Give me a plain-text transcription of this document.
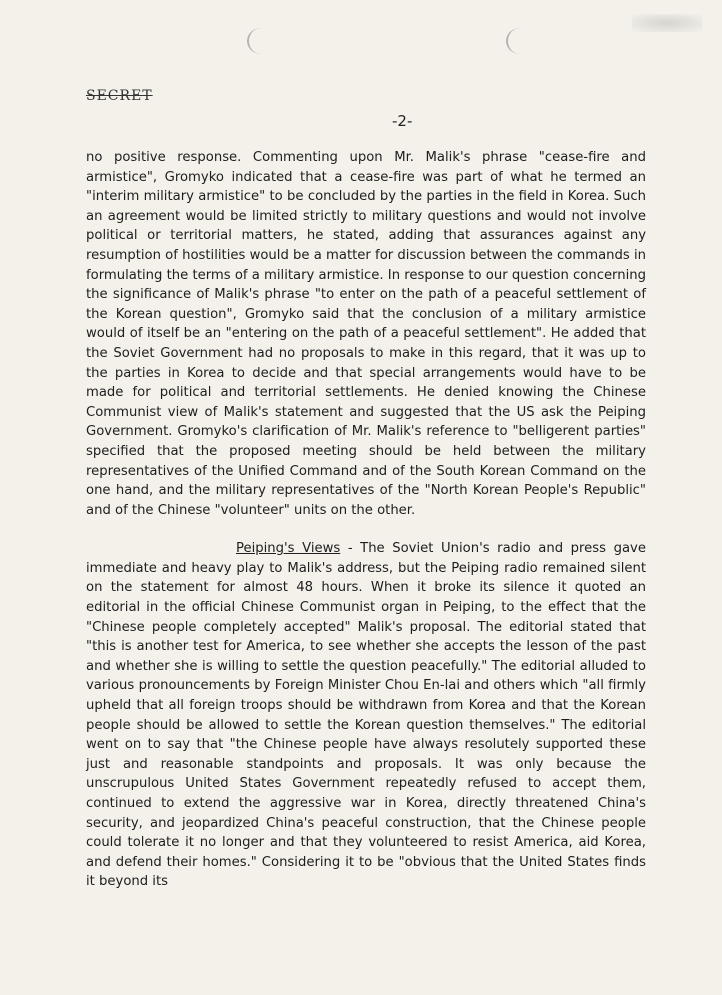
SECRET
-2-

no positive response. Commenting upon Mr. Malik's phrase "cease-fire and armistice", Gromyko indicated that a cease-fire was part of what he termed an "interim military armistice" to be concluded by the parties in the field in Korea. Such an agreement would be limited strictly to military questions and would not involve political or territorial matters, he stated, adding that assurances against any resumption of hostilities would be a matter for discussion between the commands in formulating the terms of a military armistice. In response to our question concerning the significance of Malik's phrase "to enter on the path of a peaceful settlement of the Korean question", Gromyko said that the conclusion of a military armistice would of itself be an "entering on the path of a peaceful settlement". He added that the Soviet Government had no proposals to make in this regard, that it was up to the parties in Korea to decide and that special arrangements would have to be made for political and territorial settlements. He denied knowing the Chinese Communist view of Malik's statement and suggested that the US ask the Peiping Government. Gromyko's clarification of Mr. Malik's reference to "belligerent parties" specified that the proposed meeting should be held between the military representatives of the Unified Command and of the South Korean Command on the one hand, and the military representatives of the "North Korean People's Republic" and of the Chinese "volunteer" units on the other.

Peiping's Views - The Soviet Union's radio and press gave immediate and heavy play to Malik's address, but the Peiping radio remained silent on the statement for almost 48 hours. When it broke its silence it quoted an editorial in the official Chinese Communist organ in Peiping, to the effect that the "Chinese people completely accepted" Malik's proposal. The editorial stated that "this is another test for America, to see whether she accepts the lesson of the past and whether she is willing to settle the question peacefully." The editorial alluded to various pronouncements by Foreign Minister Chou En-lai and others which "all firmly upheld that all foreign troops should be withdrawn from Korea and that the Korean people should be allowed to settle the Korean question themselves." The editorial went on to say that "the Chinese people have always resolutely supported these just and reasonable standpoints and proposals. It was only because the unscrupulous United States Government repeatedly refused to accept them, continued to extend the aggressive war in Korea, directly threatened China's security, and jeopardized China's peaceful construction, that the Chinese people could tolerate it no longer and that they volunteered to resist America, aid Korea, and defend their homes." Considering it to be "obvious that the United States finds it beyond its
